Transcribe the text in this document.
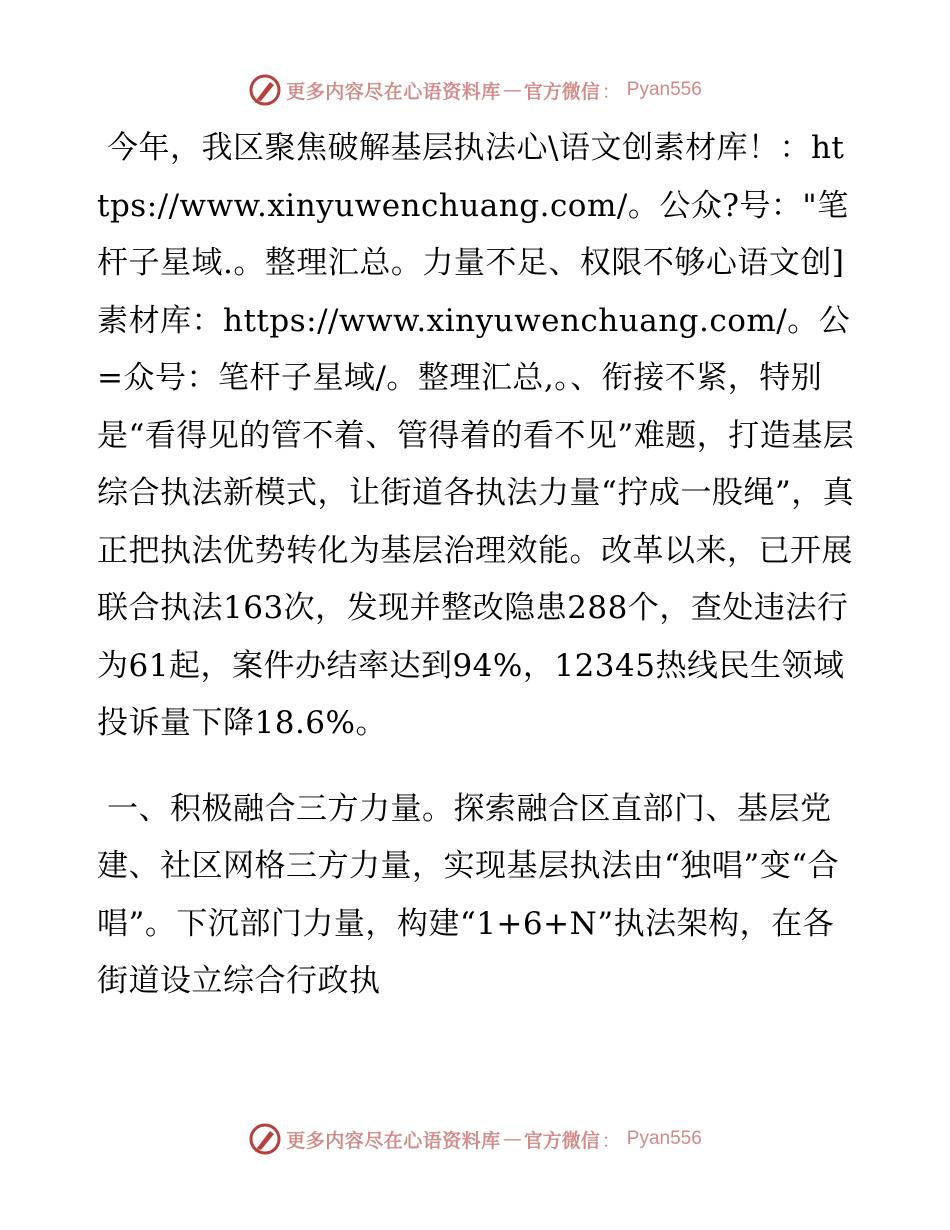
更多内容尽在心语资料库 — 官方微信 ： Pyan556

今年，我区聚焦破解基层执法心\语文创素材库！：https://www.xinyuwenchuang.com/。公众?号："笔杆子星域.。整理汇总。力量不足、权限不够心语文创]素材库：https://www.xinyuwenchuang.com/。公=众号：笔杆子星域/。整理汇总,。、衔接不紧，特别是“看得见的管不着、管得着的看不见”难题，打造基层综合执法新模式，让街道各执法力量“拧成一股绳”，真正把执法优势转化为基层治理效能。改革以来，已开展联合执法163次，发现并整改隐患288个，查处违法行为61起，案件办结率达到94%，12345热线民生领域投诉量下降18.6%。

一、积极融合三方力量。探索融合区直部门、基层党建、社区网格三方力量，实现基层执法由“独唱”变“合唱”。下沉部门力量，构建“1+6+N”执法架构，在各街道设立综合行政执

更多内容尽在心语资料库 — 官方微信 ： Pyan556
